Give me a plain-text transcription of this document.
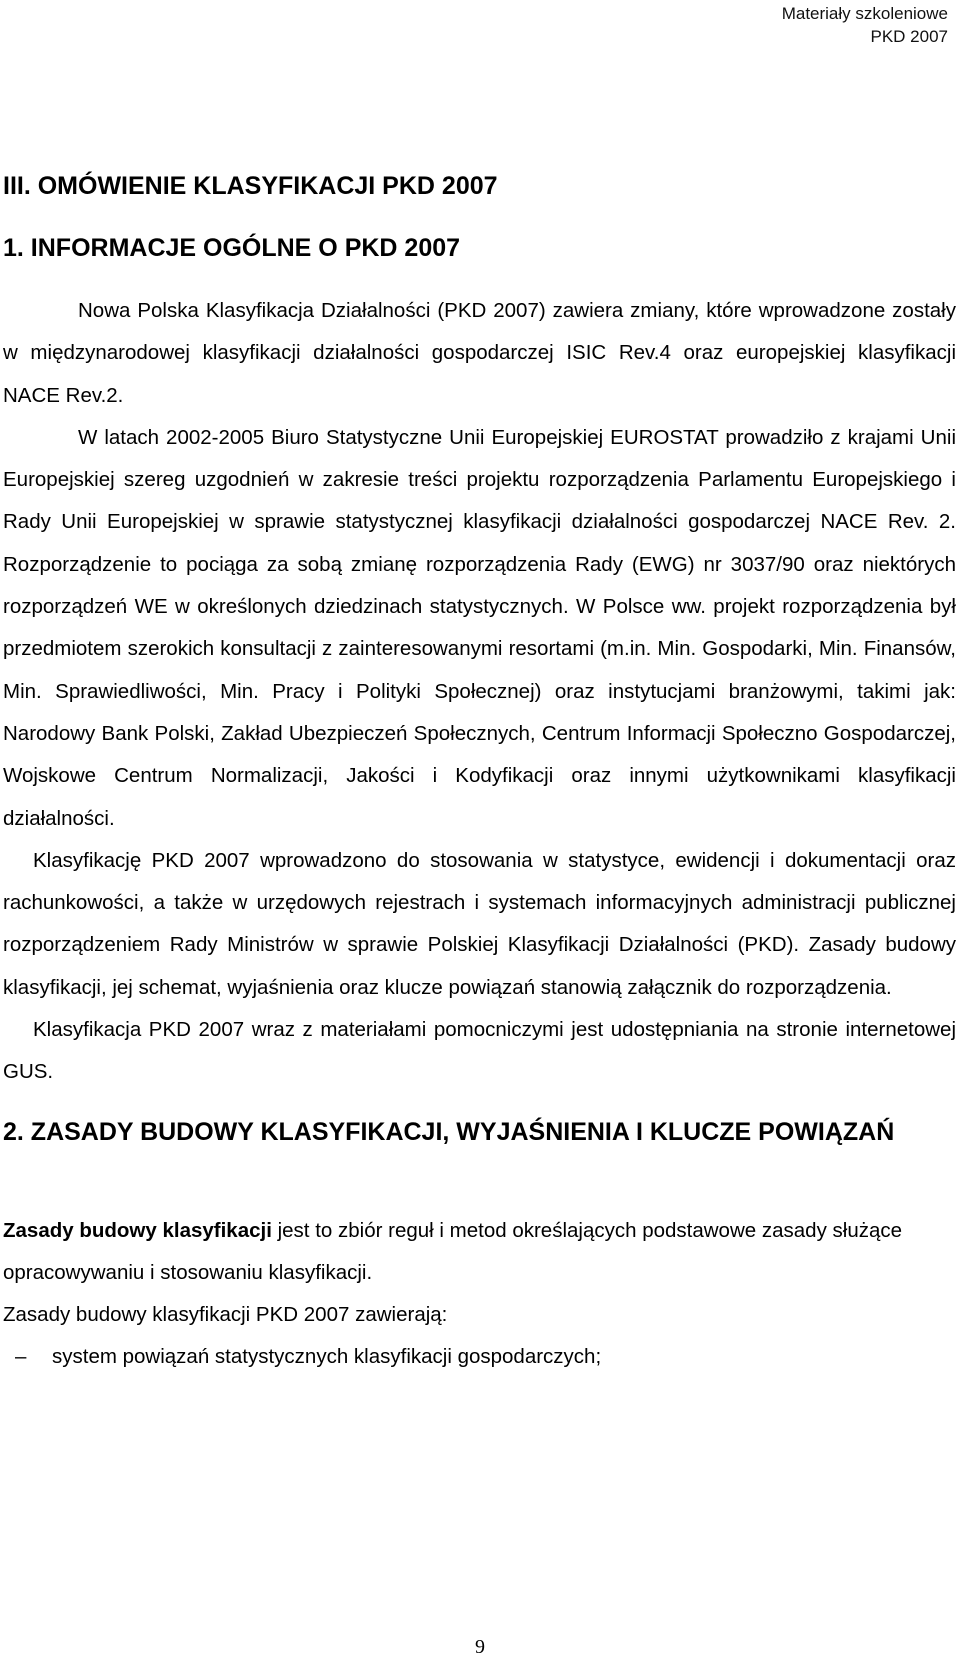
Materiały szkoleniowe
PKD 2007
III. OMÓWIENIE KLASYFIKACJI PKD 2007
1. INFORMACJE OGÓLNE O PKD 2007

Nowa Polska Klasyfikacja Działalności (PKD 2007) zawiera zmiany, które wprowadzone zostały w międzynarodowej klasyfikacji działalności gospodarczej ISIC Rev.4 oraz europejskiej klasyfikacji NACE Rev.2.

W latach 2002-2005 Biuro Statystyczne Unii Europejskiej EUROSTAT prowadziło z krajami Unii Europejskiej szereg uzgodnień w zakresie treści projektu rozporządzenia Parlamentu Europejskiego i Rady Unii Europejskiej w sprawie statystycznej klasyfikacji działalności gospodarczej NACE Rev. 2. Rozporządzenie to pociąga za sobą zmianę rozporządzenia Rady (EWG) nr 3037/90 oraz niektórych rozporządzeń WE w określonych dziedzinach statystycznych. W Polsce ww. projekt rozporządzenia był przedmiotem szerokich konsultacji z zainteresowanymi resortami (m.in. Min. Gospodarki, Min. Finansów, Min. Sprawiedliwości, Min. Pracy i Polityki Społecznej) oraz instytucjami branżowymi, takimi jak: Narodowy Bank Polski, Zakład Ubezpieczeń Społecznych, Centrum Informacji Społeczno Gospodarczej, Wojskowe Centrum Normalizacji, Jakości i Kodyfikacji oraz innymi użytkownikami klasyfikacji działalności.

Klasyfikację PKD 2007 wprowadzono do stosowania w statystyce, ewidencji i dokumentacji oraz rachunkowości, a także w urzędowych rejestrach i systemach informacyjnych administracji publicznej rozporządzeniem Rady Ministrów w sprawie Polskiej Klasyfikacji Działalności (PKD). Zasady budowy klasyfikacji, jej schemat, wyjaśnienia oraz klucze powiązań stanowią załącznik do rozporządzenia.

Klasyfikacja PKD 2007 wraz z materiałami pomocniczymi jest udostępniania na stronie internetowej GUS.

2. ZASADY BUDOWY KLASYFIKACJI, WYJAŚNIENIA I KLUCZE POWIĄZAŃ

Zasady budowy klasyfikacji jest to zbiór reguł i metod określających podstawowe zasady służące opracowywaniu i stosowaniu klasyfikacji.

Zasady budowy klasyfikacji PKD 2007 zawierają:

– system powiązań statystycznych klasyfikacji gospodarczych;

9
